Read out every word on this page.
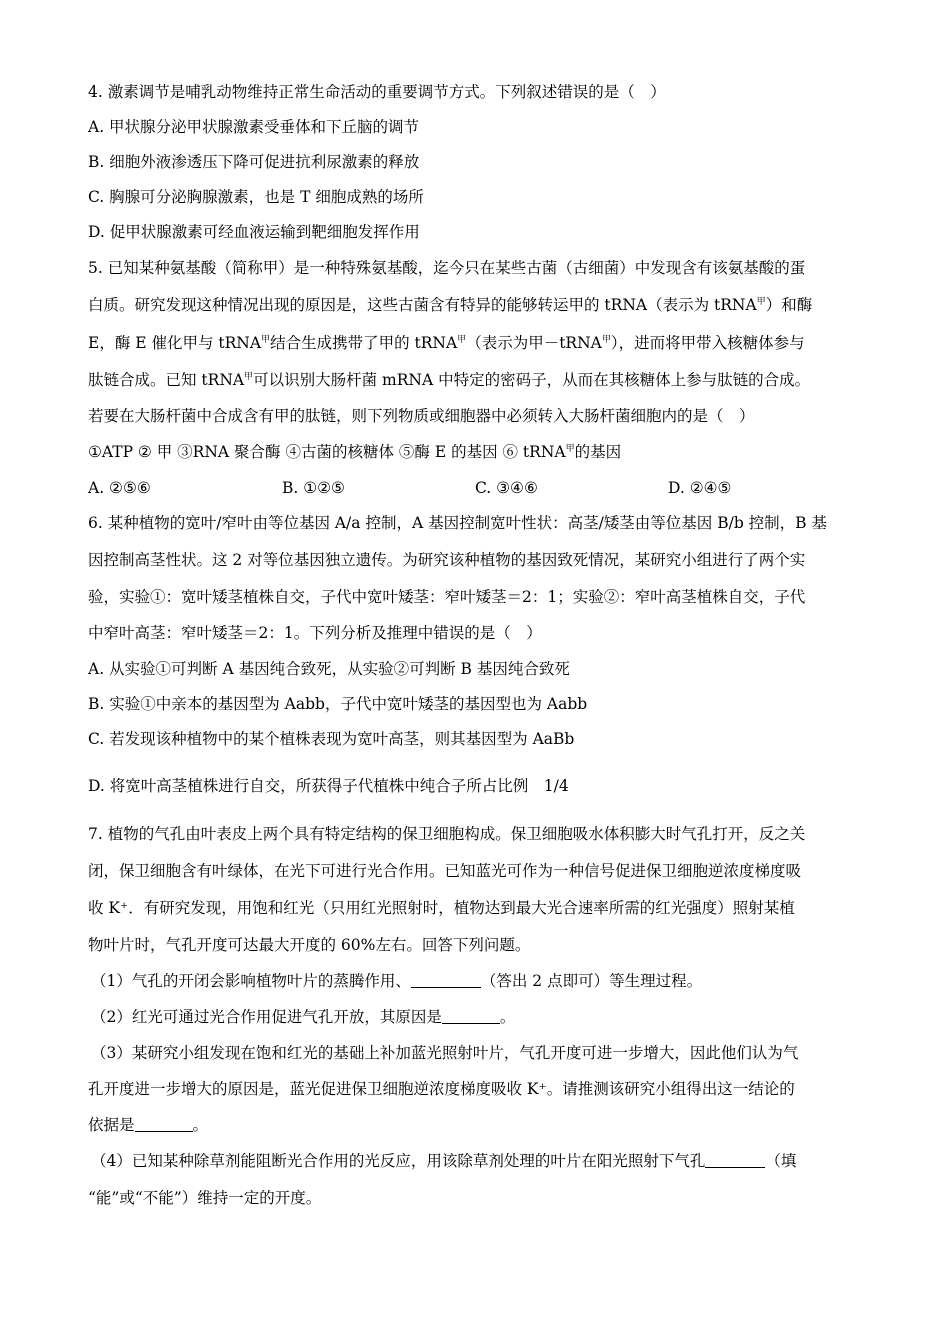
4. 激素调节是哺乳动物维持正常生命活动的重要调节方式。下列叙述错误的是（　）
A. 甲状腺分泌甲状腺激素受垂体和下丘脑的调节
B. 细胞外液渗透压下降可促进抗利尿激素的释放
C. 胸腺可分泌胸腺激素，也是 T 细胞成熟的场所
D. 促甲状腺激素可经血液运输到靶细胞发挥作用
5. 已知某种氨基酸（简称甲）是一种特殊氨基酸，迄今只在某些古菌（古细菌）中发现含有该氨基酸的蛋
白质。研究发现这种情况出现的原因是，这些古菌含有特异的能够转运甲的 tRNA（表示为 tRNA$^甲$）和酶
E，酶 E 催化甲与 tRNA$^甲$结合生成携带了甲的 tRNA$^甲$（表示为甲－tRNA$^甲$），进而将甲带入核糖体参与
肽链合成。已知 tRNA$^甲$可以识别大肠杆菌 mRNA 中特定的密码子，从而在其核糖体上参与肽链的合成。
若要在大肠杆菌中合成含有甲的肽链，则下列物质或细胞器中必须转入大肠杆菌细胞内的是（　）
①ATP ② 甲 ③RNA 聚合酶 ④古菌的核糖体 ⑤酶 E 的基因 ⑥ tRNA$^甲$的基因
A. ②⑤⑥	B. ①②⑤	C. ③④⑥	D. ②④⑤
6. 某种植物的宽叶/窄叶由等位基因 A/a 控制，A 基因控制宽叶性状：高茎/矮茎由等位基因 B/b 控制，B 基
因控制高茎性状。这 2 对等位基因独立遗传。为研究该种植物的基因致死情况，某研究小组进行了两个实
验，实验①：宽叶矮茎植株自交，子代中宽叶矮茎：窄叶矮茎＝2：1；实验②：窄叶高茎植株自交，子代
中窄叶高茎：窄叶矮茎＝2：1。下列分析及推理中错误的是（　）
A. 从实验①可判断 A 基因纯合致死，从实验②可判断 B 基因纯合致死
B. 实验①中亲本的基因型为 Aabb，子代中宽叶矮茎的基因型也为 Aabb
C. 若发现该种植物中的某个植株表现为宽叶高茎，则其基因型为 AaBb
D. 将宽叶高茎植株进行自交，所获得子代植株中纯合子所占比例　1/4
7. 植物的气孔由叶表皮上两个具有特定结构的保卫细胞构成。保卫细胞吸水体积膨大时气孔打开，反之关
闭，保卫细胞含有叶绿体，在光下可进行光合作用。已知蓝光可作为一种信号促进保卫细胞逆浓度梯度吸
收 K⁺．有研究发现，用饱和红光（只用红光照射时，植物达到最大光合速率所需的红光强度）照射某植
物叶片时，气孔开度可达最大开度的 60%左右。回答下列问题。
（1）气孔的开闭会影响植物叶片的蒸腾作用、	（答出 2 点即可）等生理过程。
（2）红光可通过光合作用促进气孔开放，其原因是	。
（3）某研究小组发现在饱和红光的基础上补加蓝光照射叶片，气孔开度可进一步增大，因此他们认为气
孔开度进一步增大的原因是，蓝光促进保卫细胞逆浓度梯度吸收 K⁺。请推测该研究小组得出这一结论的
依据是	。
（4）已知某种除草剂能阻断光合作用的光反应，用该除草剂处理的叶片在阳光照射下气孔	（填
“能”或“不能”）维持一定的开度。
